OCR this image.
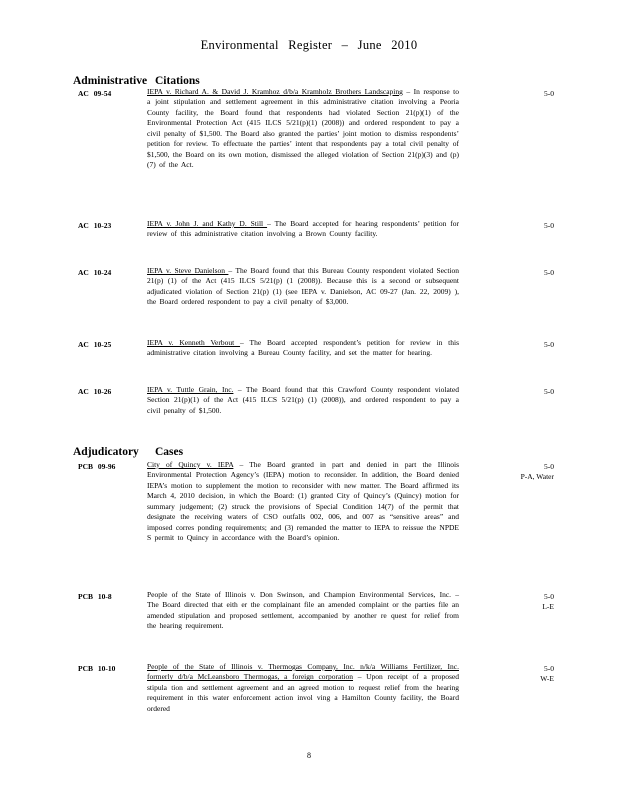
Environmental Register – June 2010
Administrative Citations
AC 09-54	IEPA v. Richard A. & David J. Kramhoz d/b/a Kramholz Brothers Landscaping – In response to a joint stipulation and settlement agreement in this administrative citation involving a Peoria County facility, the Board found that respondents had violated Section 21(p)(1) of the Environmental Protection Act (415 ILCS 5/21(p)(1) (2008)) and ordered respondent to pay a civil penalty of $1,500. The Board also granted the parties’ joint motion to dismiss respondents’ petition for review. To effectuate the parties’ intent that respondents pay a total civil penalty of $1,500, the Board on its own motion, dismissed the alleged violation of Section 21(p)(3) and (p)(7) of the Act.
5-0
AC 10-23	IEPA v. John J. and Kathy D. Still – The Board accepted for hearing respondents’ petition for review of this administrative citation involving a Brown County facility.
5-0
AC 10-24	IEPA v. Steve Danielson – The Board found that this Bureau County respondent violated Section 21(p) (1) of the Act (415 ILCS 5/21(p) (1 (2008)). Because this is a second or subsequent adjudicated violation of Section 21(p) (1) (see IEPA v. Danielson, AC 09-27 (Jan. 22, 2009) ), the Board ordered respondent to pay a civil penalty of $3,000.
5-0
AC 10-25	IEPA v. Kenneth Verbout – The Board accepted respondent’s petition for review in this administrative citation involving a Bureau County facility, and set the matter for hearing.
5-0
AC 10-26	IEPA v. Tuttle Grain, Inc. – The Board found that this Crawford County respondent violated Section 21(p)(1) of the Act (415 ILCS 5/21(p) (1) (2008)), and ordered respondent to pay a civil penalty of $1,500.
5-0
Adjudicatory Cases
PCB 09-96	City of Quincy v. IEPA – The Board granted in part and denied in part the Illinois Environmental Protection Agency’s (IEPA) motion to reconsider. In addition, the Board denied IEPA’s motion to supplement the motion to reconsider with new matter. The Board affirmed its March 4, 2010 decision, in which the Board: (1) granted City of Quincy’s (Quincy) motion for summary judgement; (2) struck the provisions of Special Condition 14(7) of the permit that designate the receiving waters of CSO outfalls 002, 006, and 007 as “sensitive areas” and imposed corres ponding requirements; and (3) remanded the matter to IEPA to reissue the NPDE S permit to Quincy in accordance with the Board’s opinion.
5-0
P-A, Water
PCB 10-8	People of the State of Illinois v. Don Swinson, and Champion Environmental Services, Inc. – The Board directed that eith er the complainant file an amended complaint or the parties file an amended stipulation and proposed settlement, accompanied by another re quest for relief from the hearing requirement.
5-0
L-E
PCB 10-10	People of the State of Illinois v. Thermogas Company, Inc. n/k/a Williams Fertilizer, Inc. formerly d/b/a McLeansboro Thermogas, a foreign corporation – Upon receipt of a proposed stipula tion and settlement agreement and an agreed motion to request relief from the hearing requirement in this water enforcement action invol ving a Hamilton County facility, the Board ordered
5-0
W-E
8
